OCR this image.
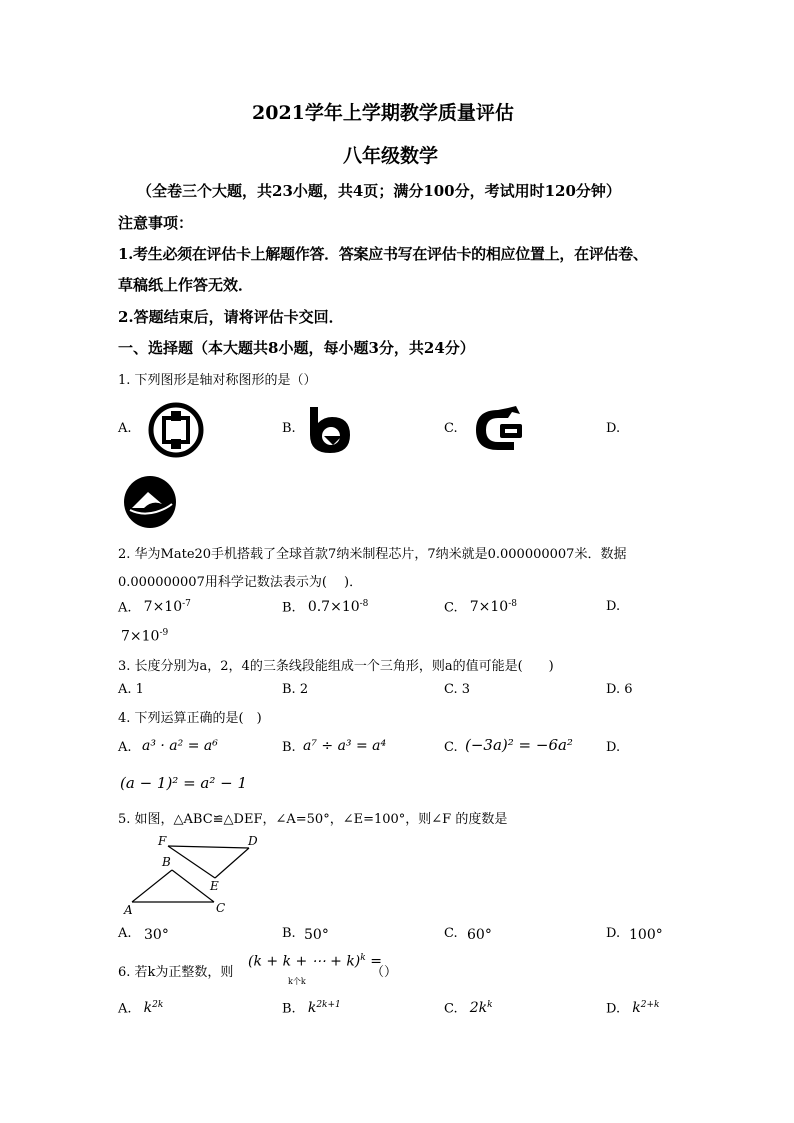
2021学年上学期教学质量评估
八年级数学
（全卷三个大题，共23小题，共4页；满分100分，考试用时120分钟）
注意事项：
1.考生必须在评估卡上解题作答．答案应书写在评估卡的相应位置上，在评估卷、
草稿纸上作答无效．
2.答题结束后，请将评估卡交回．
一、选择题（本大题共8小题，每小题3分，共24分）
1. 下列图形是轴对称图形的是（）
A.	B.	C.	D.
2. 华为Mate20手机搭载了全球首款7纳米制程芯片，7纳米就是0.000000007米．数据
0.000000007用科学记数法表示为(　 )．
A. $7\times 10^{-7}$	B. $0.7\times 10^{-8}$	C. $7\times 10^{-8}$	D.
$7\times 10^{-9}$
3. 长度分别为a，2，4的三条线段能组成一个三角形，则a的值可能是(　　)
A. 1	B. 2	C. 3	D. 6
4. 下列运算正确的是(　)
A. a³ · a² = a⁶	B. a⁷ ÷ a³ = a⁴	C. (−3a)² = −6a²	D.
(a − 1)² = a² − 1
5. 如图，△ABC≌△DEF，∠A=50°，∠E=100°，则∠F 的度数是
F	D
B
E
A	C
A. 30°	B. 50°	C. 60°	D. 100°
6. 若k为正整数，则
(k + k + ⋯ + k)$^k$ =
k个k
（）
A. $k^{2k}$	B. $k^{2k+1}$	C. $2k^k$	D. $k^{2+k}$
